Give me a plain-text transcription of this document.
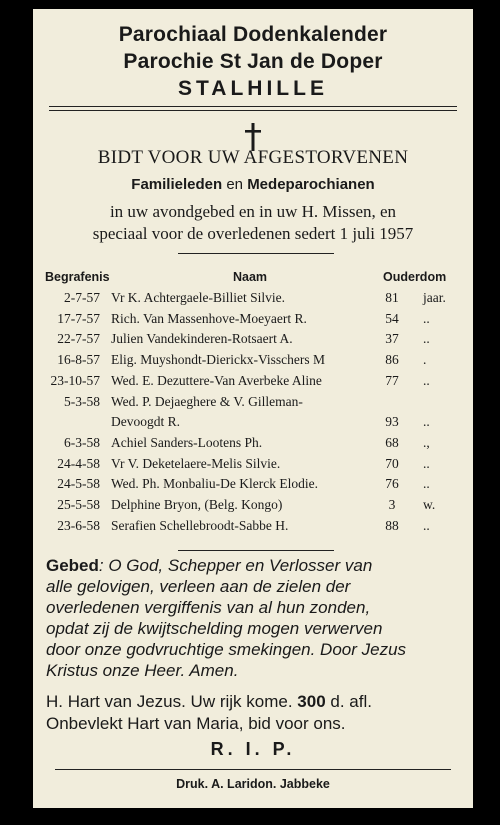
Parochiaal Dodenkalender
Parochie St Jan de Doper
STALHILLE
BIDT VOOR UW AFGESTORVENEN
Familieleden en Medeparochianen
in uw avondgebed en in uw H. Missen, en
speciaal voor de overledenen sedert 1 juli 1957
Begrafenis	Naam	Ouderdom
2-7-57 Vr K. Achtergaele-Billiet Silvie.	81	jaar.
17-7-57 Rich. Van Massenhove-Moeyaert R.	54	..
22-7-57 Julien Vandekinderen-Rotsaert A.	37	..
16-8-57 Elig. Muyshondt-Dierickx-Visschers M	86	.
23-10-57 Wed. E. Dezuttere-Van Averbeke Aline	77	..
5-3-58 Wed. P. Dejaeghere & V. Gilleman-
Devoogdt R.	93	..
6-3-58 Achiel Sanders-Lootens Ph.	68	.,
24-4-58 Vr V. Deketelaere-Melis Silvie.	70	..
24-5-58 Wed. Ph. Monbaliu-De Klerck Elodie.	76	..
25-5-58 Delphine Bryon, (Belg. Kongo)	3	w.
23-6-58 Serafien Schellebroodt-Sabbe H.	88	..
Gebed: O God, Schepper en Verlosser van
alle gelovigen, verleen aan de zielen der
overledenen vergiffenis van al hun zonden,
opdat zij de kwijtschelding mogen verwerven
door onze godvruchtige smekingen. Door Jezus
Kristus onze Heer. Amen.
H. Hart van Jezus. Uw rijk kome. 300 d. afl.
Onbevlekt Hart van Maria, bid voor ons.
R. I. P.
Druk. A. Laridon. Jabbeke
